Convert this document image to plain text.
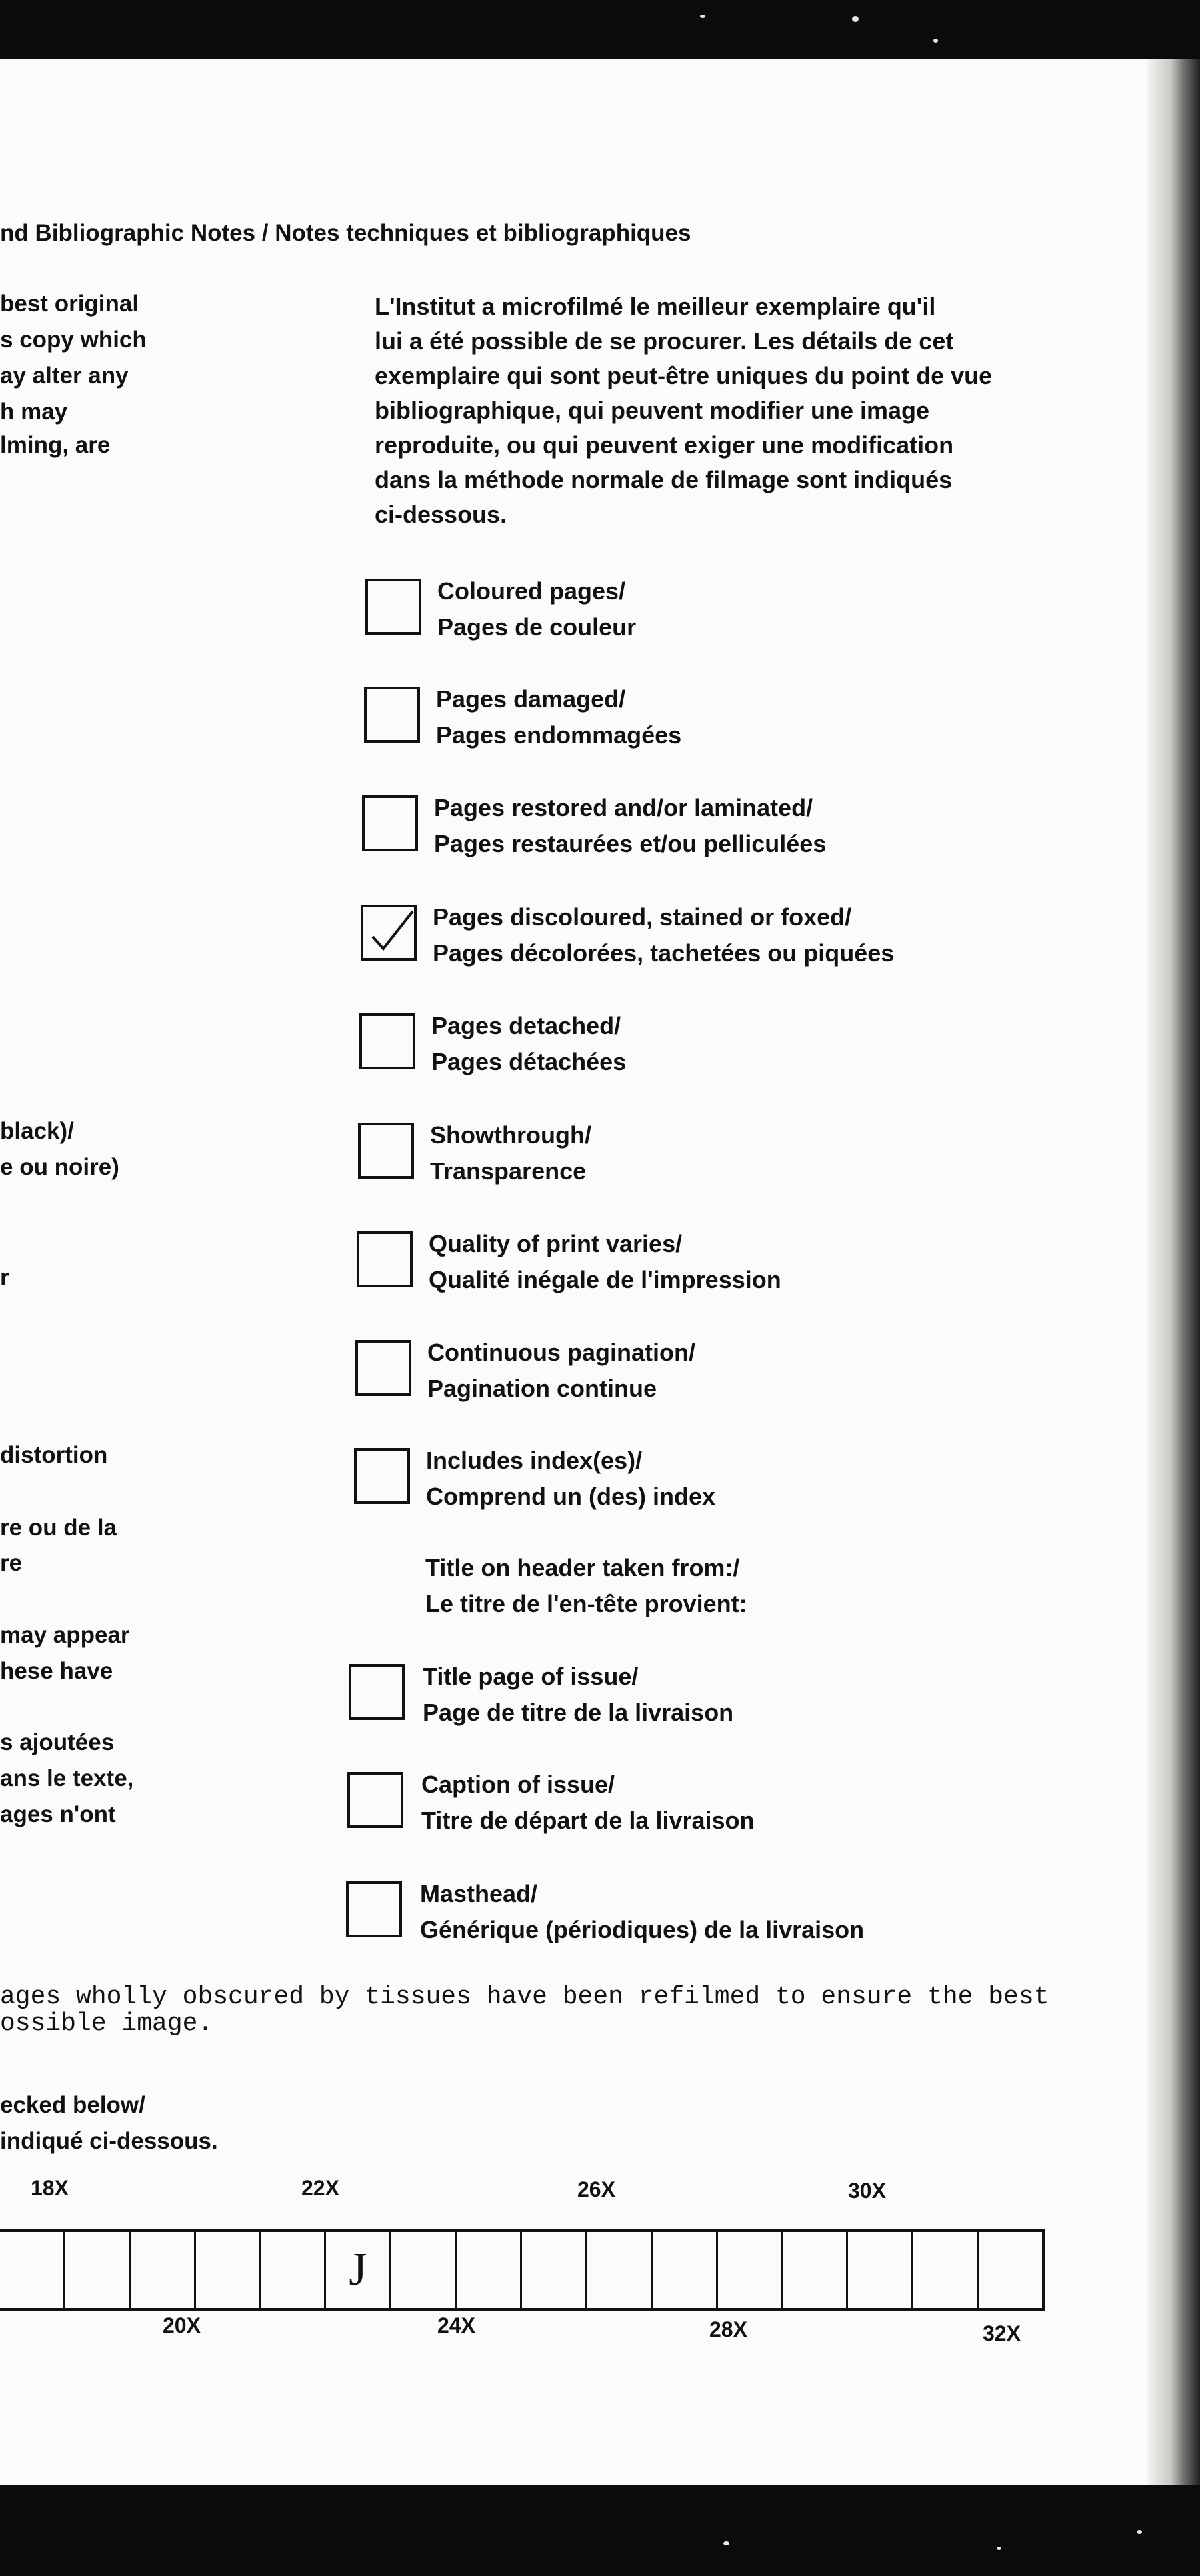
nd Bibliographic Notes / Notes techniques et bibliographiques
best original
s copy which
ay alter any
h may
lming, are
black)/
e ou noire)
r
distortion
re ou de la
re
may appear
hese have
s ajoutées
ans le texte,
ages n'ont
L'Institut a microfilmé le meilleur exemplaire qu'il
lui a été possible de se procurer. Les détails de cet
exemplaire qui sont peut-être uniques du point de vue
bibliographique, qui peuvent modifier une image
reproduite, ou qui peuvent exiger une modification
dans la méthode normale de filmage sont indiqués
ci-dessous.
Coloured pages/
Pages de couleur
Pages damaged/
Pages endommagées
Pages restored and/or laminated/
Pages restaurées et/ou pelliculées
Pages discoloured, stained or foxed/
Pages décolorées, tachetées ou piquées
Pages detached/
Pages détachées
Showthrough/
Transparence
Quality of print varies/
Qualité inégale de l'impression
Continuous pagination/
Pagination continue
Includes index(es)/
Comprend un (des) index
Title on header taken from:/
Le titre de l'en-tête provient:
Title page of issue/
Page de titre de la livraison
Caption of issue/
Titre de départ de la livraison
Masthead/
Générique (périodiques) de la livraison
ages wholly obscured by tissues have been refilmed to ensure the best
ossible image.
ecked below/
indiqué ci-dessous.
18X	22X	26X	30X
J
20X	24X	28X	32X
